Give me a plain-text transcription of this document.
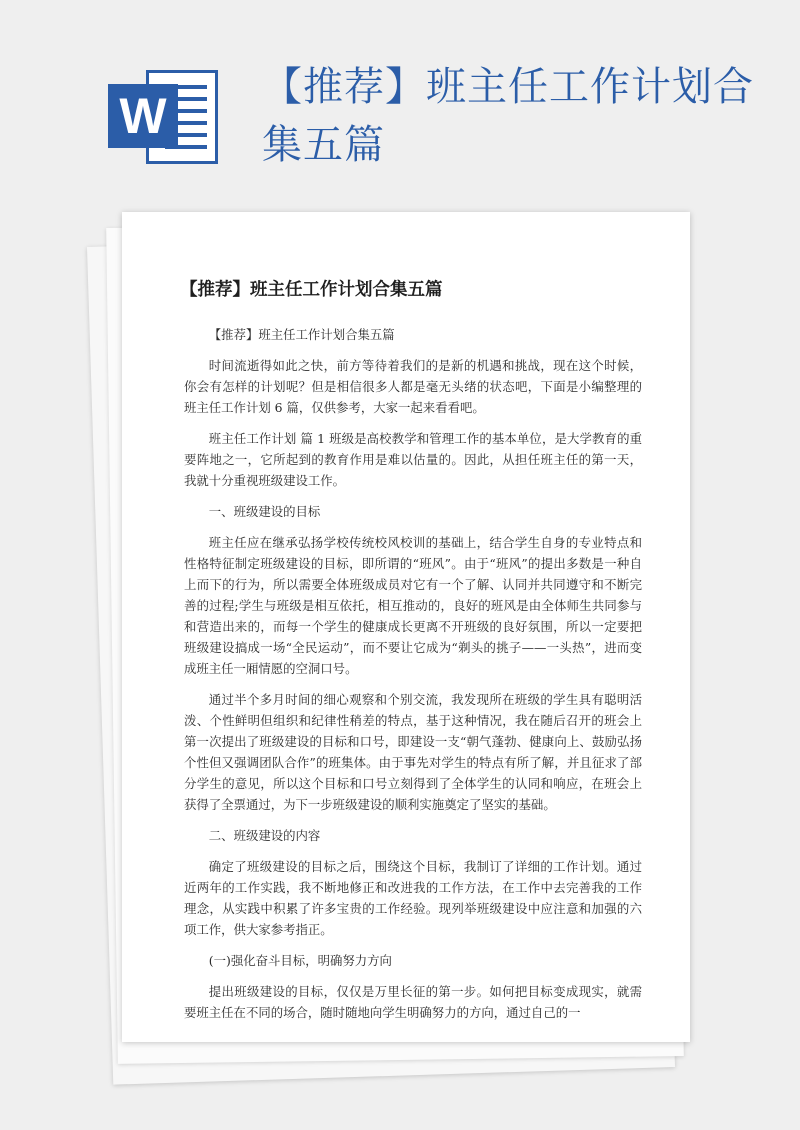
W
【推荐】班主任工作计划合集五篇
【推荐】班主任工作计划合集五篇

【推荐】班主任工作计划合集五篇

时间流逝得如此之快，前方等待着我们的是新的机遇和挑战，现在这个时候，你会有怎样的计划呢？但是相信很多人都是毫无头绪的状态吧，下面是小编整理的班主任工作计划 6 篇，仅供参考，大家一起来看看吧。

班主任工作计划 篇 1 班级是高校教学和管理工作的基本单位，是大学教育的重要阵地之一，它所起到的教育作用是难以估量的。因此，从担任班主任的第一天，我就十分重视班级建设工作。

一、班级建设的目标

班主任应在继承弘扬学校传统校风校训的基础上，结合学生自身的专业特点和性格特征制定班级建设的目标，即所谓的“班风”。由于“班风”的提出多数是一种自上而下的行为，所以需要全体班级成员对它有一个了解、认同并共同遵守和不断完善的过程;学生与班级是相互依托，相互推动的，良好的班风是由全体师生共同参与和营造出来的，而每一个学生的健康成长更离不开班级的良好氛围，所以一定要把班级建设搞成一场“全民运动”，而不要让它成为“剃头的挑子——一头热”，进而变成班主任一厢情愿的空洞口号。

通过半个多月时间的细心观察和个别交流，我发现所在班级的学生具有聪明活泼、个性鲜明但组织和纪律性稍差的特点，基于这种情况，我在随后召开的班会上第一次提出了班级建设的目标和口号，即建设一支“朝气蓬勃、健康向上、鼓励弘扬个性但又强调团队合作”的班集体。由于事先对学生的特点有所了解，并且征求了部分学生的意见，所以这个目标和口号立刻得到了全体学生的认同和响应，在班会上获得了全票通过，为下一步班级建设的顺利实施奠定了坚实的基础。

二、班级建设的内容

确定了班级建设的目标之后，围绕这个目标，我制订了详细的工作计划。通过近两年的工作实践，我不断地修正和改进我的工作方法，在工作中去完善我的工作理念，从实践中积累了许多宝贵的工作经验。现列举班级建设中应注意和加强的六项工作，供大家参考指正。

(一)强化奋斗目标，明确努力方向

提出班级建设的目标，仅仅是万里长征的第一步。如何把目标变成现实，就需要班主任在不同的场合，随时随地向学生明确努力的方向，通过自己的一
